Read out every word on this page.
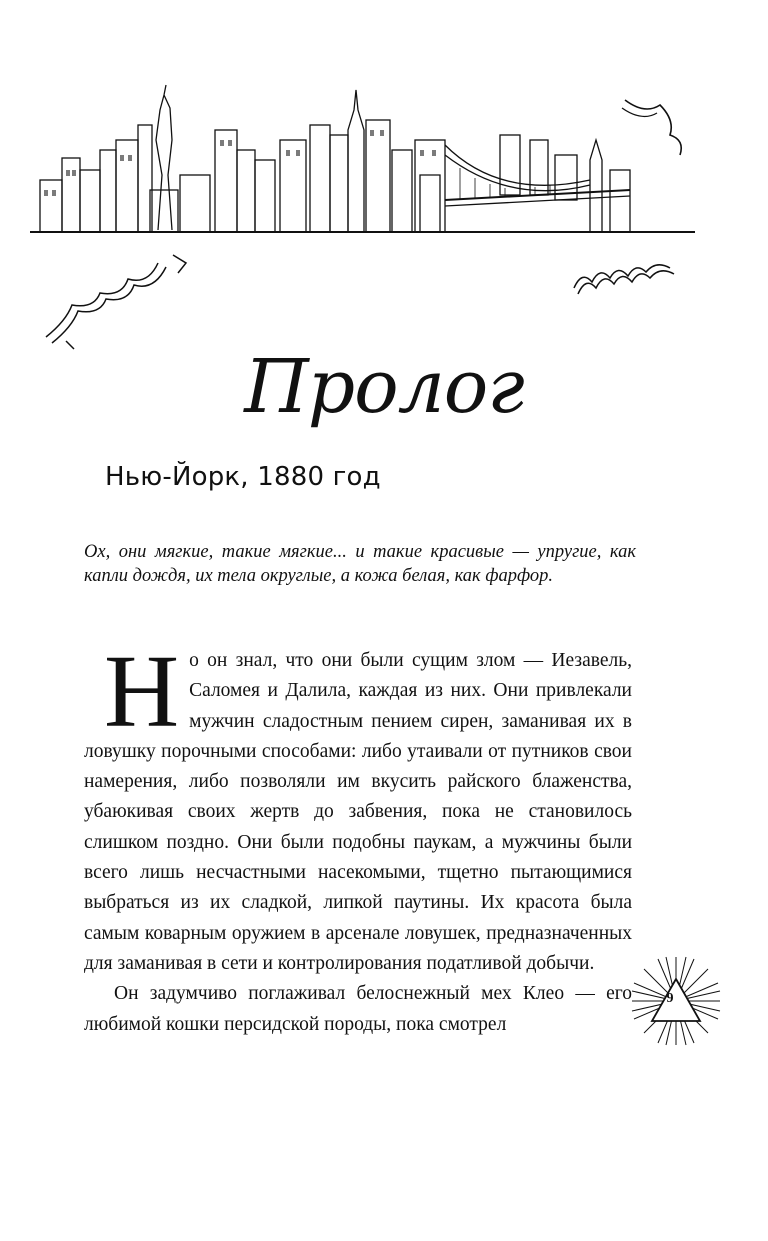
Пролог
Нью-Йорк, 1880 год
Ох, они мягкие, такие мягкие... и такие красивые — упругие, как капли дождя, их тела округлые, а кожа белая, как фарфор.

Но он знал, что они были сущим злом — Иезавель, Саломея и Далила, каждая из них. Они привлекали мужчин сладостным пением сирен, заманивая их в ловушку порочными способами: либо утаивали от путников свои намерения, либо позволяли им вкусить райского блаженства, убаюкивая своих жертв до забвения, пока не становилось слишком поздно. Они были подобны паукам, а мужчины были всего лишь несчастными насекомыми, тщетно пытающимися выбраться из их сладкой, липкой паутины. Их красота была самым коварным оружием в арсенале ловушек, предназначенных для заманивая в сети и контролирования податливой добычи.

Он задумчиво поглаживал белоснежный мех Клео — его любимой кошки персидской породы, пока смотрел

9
